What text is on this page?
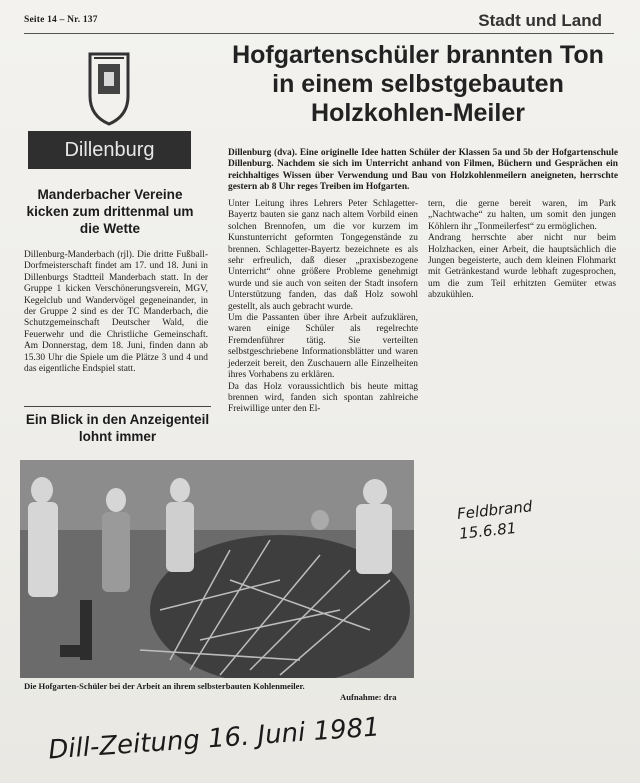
Seite 14 – Nr. 137	Stadt und Land
Dillenburg
Hofgartenschüler brannten Ton in einem selbstgebauten Holzkohlen-Meiler
Manderbacher Vereine kicken zum drittenmal um die Wette

Dillenburg-Manderbach (rjl). Die dritte Fußball-Dorfmeisterschaft findet am 17. und 18. Juni in Dillenburgs Stadtteil Manderbach statt. In der Gruppe 1 kicken Verschönerungsverein, MGV, Kegelclub und Wandervögel gegeneinander, in der Gruppe 2 sind es der TC Manderbach, die Schutzgemeinschaft Deutscher Wald, die Feuerwehr und die Christliche Gemeinschaft. Am Donnerstag, dem 18. Juni, finden dann ab 15.30 Uhr die Spiele um die Plätze 3 und 4 und das eigentliche Endspiel statt.

Ein Blick in den Anzeigenteil lohnt immer
Dillenburg (dva). Eine originelle Idee hatten Schüler der Klassen 5a und 5b der Hofgartenschule Dillenburg. Nachdem sie sich im Unterricht anhand von Filmen, Büchern und Gesprächen ein reichhaltiges Wissen über Verwendung und Bau von Holzkohlenmeilern aneigneten, herrschte gestern ab 8 Uhr reges Treiben im Hofgarten.

Unter Leitung ihres Lehrers Peter Schlagetter-Bayertz bauten sie ganz nach altem Vorbild einen solchen Brennofen, um die vor kurzem im Kunstunterricht geformten Tongegenstände zu brennen. Schlagetter-Bayertz bezeichnete es als sehr erfreulich, daß dieser „praxisbezogene Unterricht“ ohne größere Probleme genehmigt wurde und sie auch von seiten der Stadt insofern Unterstützung fanden, das daß Holz sowohl gestellt, als auch gebracht wurde.

Um die Passanten über ihre Arbeit aufzuklären, waren einige Schüler als regelrechte Fremdenführer tätig. Sie verteilten selbstgeschriebene Informationsblätter und waren jederzeit bereit, den Zuschauern alle Einzelheiten ihres Vorhabens zu erklären.

Da das Holz voraussichtlich bis heute mittag brennen wird, fanden sich spontan zahlreiche Freiwillige unter den El-

tern, die gerne bereit waren, im Park „Nachtwache“ zu halten, um somit den jungen Köhlern ihr „Tonmeilerfest“ zu ermöglichen.

Andrang herrschte aber nicht nur beim Holzhacken, einer Arbeit, die hauptsächlich die Jungen begeisterte, auch dem kleinen Flohmarkt mit Getränkestand wurde lebhaft zugesprochen, um die zum Teil erhitzten Gemüter etwas abzukühlen.

Die Hofgarten-Schüler bei der Arbeit an ihrem selbsterbauten Kohlenmeiler.
Aufnahme: dra
Feldbrand
15.6.81
Dill-Zeitung 16. Juni 1981
